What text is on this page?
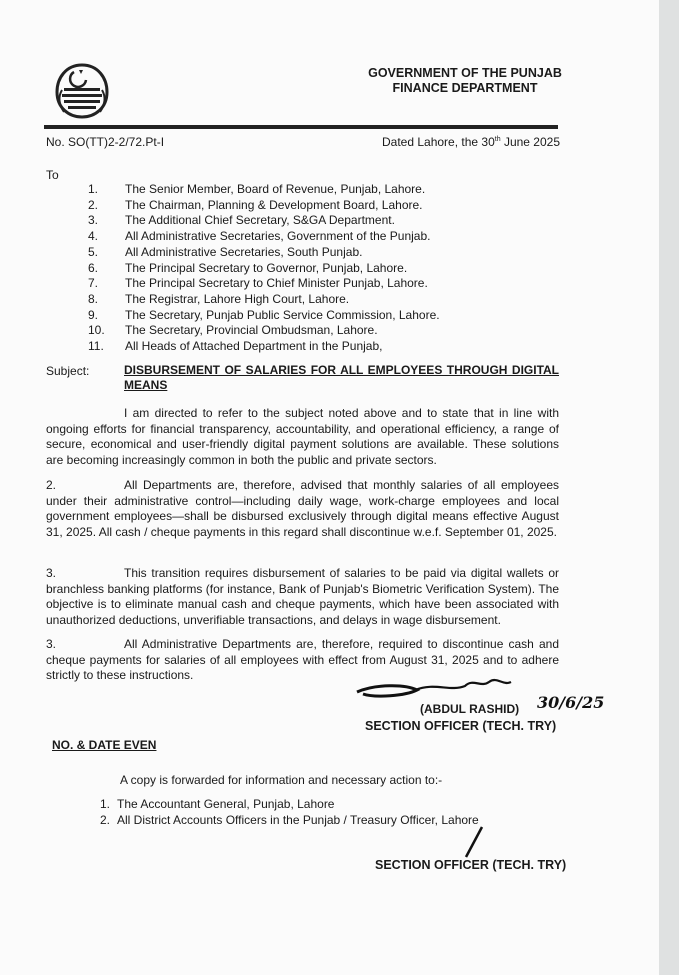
GOVERNMENT OF THE PUNJAB
FINANCE DEPARTMENT
No. SO(TT)2-2/72.Pt-I	Dated Lahore, the 30th June 2025
To
1.	The Senior Member, Board of Revenue, Punjab, Lahore.
2.	The Chairman, Planning & Development Board, Lahore.
3.	The Additional Chief Secretary, S&GA Department.
4.	All Administrative Secretaries, Government of the Punjab.
5.	All Administrative Secretaries, South Punjab.
6.	The Principal Secretary to Governor, Punjab, Lahore.
7.	The Principal Secretary to Chief Minister Punjab, Lahore.
8.	The Registrar, Lahore High Court, Lahore.
9.	The Secretary, Punjab Public Service Commission, Lahore.
10.	The Secretary, Provincial Ombudsman, Lahore.
11.	All Heads of Attached Department in the Punjab,
Subject:	DISBURSEMENT OF SALARIES FOR ALL EMPLOYEES THROUGH DIGITAL MEANS
I am directed to refer to the subject noted above and to state that in line with ongoing efforts for financial transparency, accountability, and operational efficiency, a range of secure, economical and user-friendly digital payment solutions are available. These solutions are becoming increasingly common in both the public and private sectors.
2.	All Departments are, therefore, advised that monthly salaries of all employees under their administrative control—including daily wage, work-charge employees and local government employees—shall be disbursed exclusively through digital means effective August 31, 2025. All cash / cheque payments in this regard shall discontinue w.e.f. September 01, 2025.
3.	This transition requires disbursement of salaries to be paid via digital wallets or branchless banking platforms (for instance, Bank of Punjab's Biometric Verification System). The objective is to eliminate manual cash and cheque payments, which have been associated with unauthorized deductions, unverifiable transactions, and delays in wage disbursement.
3.	All Administrative Departments are, therefore, required to discontinue cash and cheque payments for salaries of all employees with effect from August 31, 2025 and to adhere strictly to these instructions.
30/6/25
(ABDUL RASHID)
SECTION OFFICER (TECH. TRY)
NO. & DATE EVEN
A copy is forwarded for information and necessary action to:-
1. The Accountant General, Punjab, Lahore
2. All District Accounts Officers in the Punjab / Treasury Officer, Lahore
SECTION OFFICER (TECH. TRY)
